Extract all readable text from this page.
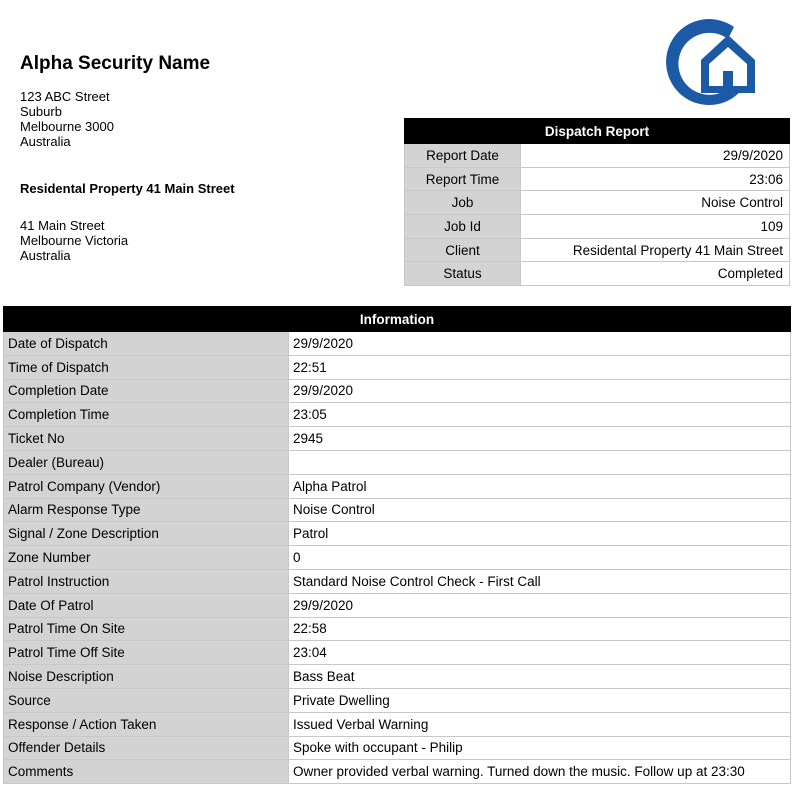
Alpha Security Name
123 ABC Street
Suburb
Melbourne 3000
Australia
Residental Property 41 Main Street
41 Main Street
Melbourne Victoria
Australia
Dispatch Report	
Report Date	29/9/2020
Report Time	23:06
Job	Noise Control
Job Id	109
Client	Residental Property 41 Main Street
Status	Completed
Information	
Date of Dispatch	29/9/2020
Time of Dispatch	22:51
Completion Date	29/9/2020
Completion Time	23:05
Ticket No	2945
Dealer (Bureau)	
Patrol Company (Vendor)	Alpha Patrol
Alarm Response Type	Noise Control
Signal / Zone Description	Patrol
Zone Number	0
Patrol Instruction	Standard Noise Control Check - First Call
Date Of Patrol	29/9/2020
Patrol Time On Site	22:58
Patrol Time Off Site	23:04
Noise Description	Bass Beat
Source	Private Dwelling
Response / Action Taken	Issued Verbal Warning
Offender Details	Spoke with occupant - Philip
Comments	Owner provided verbal warning. Turned down the music. Follow up at 23:30
